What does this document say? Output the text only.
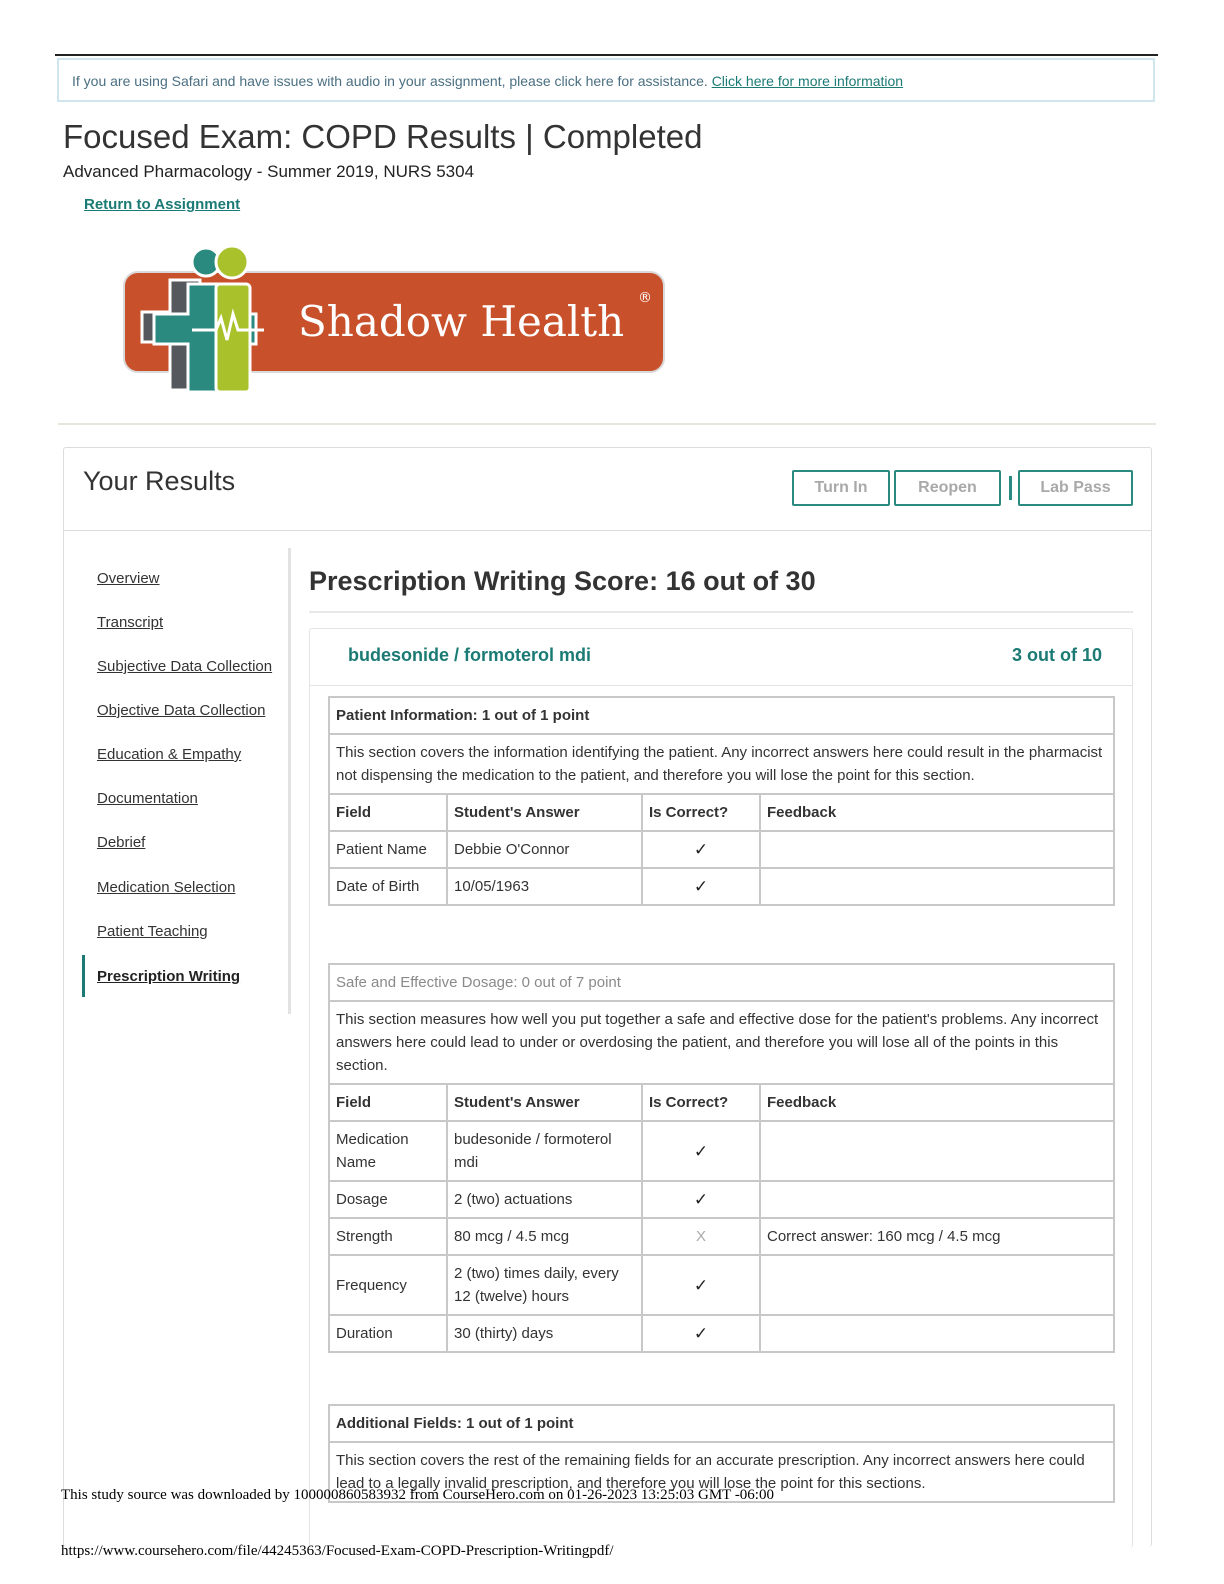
If you are using Safari and have issues with audio in your assignment, please click here for assistance. Click here for more information
Focused Exam: COPD Results | Completed
Advanced Pharmacology - Summer 2019, NURS 5304
Return to Assignment
Shadow Health ®
Your Results	Turn In	Reopen	Lab Pass
Overview
Transcript
Subjective Data Collection
Objective Data Collection
Education & Empathy
Documentation
Debrief
Medication Selection
Patient Teaching
Prescription Writing
Prescription Writing Score: 16 out of 30
budesonide / formoterol mdi	3 out of 10
Patient Information: 1 out of 1 point			
This section covers the information identifying the patient. Any incorrect answers here could result in the pharmacist not dispensing the medication to the patient, and therefore you will lose the point for this section.			
Field	Student's Answer	Is Correct?	Feedback
Patient Name	Debbie O'Connor	✓	
Date of Birth	10/05/1963	✓	
Safe and Effective Dosage: 0 out of 7 point			
This section measures how well you put together a safe and effective dose for the patient's problems. Any incorrect answers here could lead to under or overdosing the patient, and therefore you will lose all of the points in this section.			
Field	Student's Answer	Is Correct?	Feedback
Medication Name	budesonide / formoterol mdi	✓	
Dosage	2 (two) actuations	✓	
Strength	80 mcg / 4.5 mcg	X	Correct answer: 160 mcg / 4.5 mcg
Frequency	2 (two) times daily, every 12 (twelve) hours	✓	
Duration	30 (thirty) days	✓	
Additional Fields: 1 out of 1 point
This section covers the rest of the remaining fields for an accurate prescription. Any incorrect answers here could lead to a legally invalid prescription, and therefore you will lose the point for this sections.
This study source was downloaded by 100000860583932 from CourseHero.com on 01-26-2023 13:25:03 GMT -06:00
https://www.coursehero.com/file/44245363/Focused-Exam-COPD-Prescription-Writingpdf/
